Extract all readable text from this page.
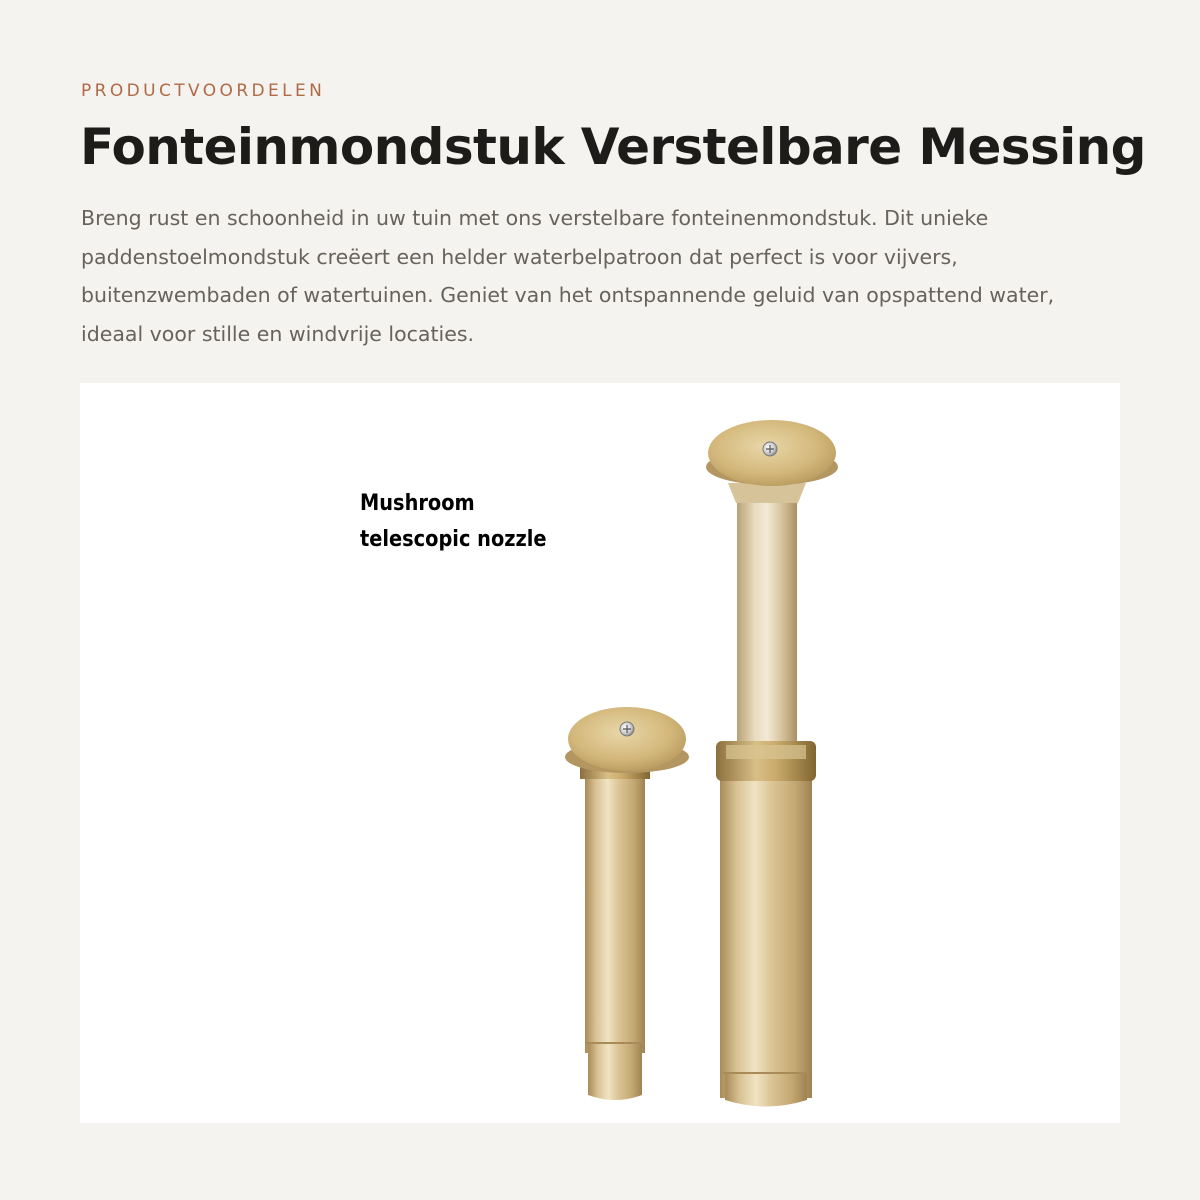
PRODUCTVOORDELEN
Fonteinmondstuk Verstelbare Messing

Breng rust en schoonheid in uw tuin met ons verstelbare fonteinenmondstuk. Dit unieke paddenstoelmondstuk creëert een helder waterbelpatroon dat perfect is voor vijvers, buitenzwembaden of watertuinen. Geniet van het ontspannende geluid van opspattend water, ideaal voor stille en windvrije locaties.

Mushroom
telescopic nozzle
